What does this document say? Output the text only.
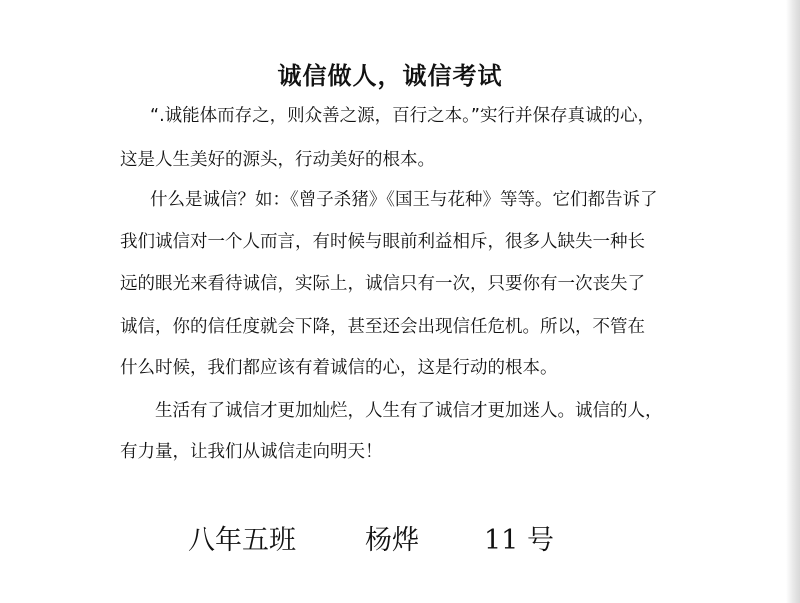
诚信做人，诚信考试

“.诚能体而存之，则众善之源，百行之本。”实行并保存真诚的心，

这是人生美好的源头，行动美好的根本。

什么是诚信？如：《曾子杀猪》《国王与花种》等等。它们都告诉了

我们诚信对一个人而言，有时候与眼前利益相斥，很多人缺失一种长

远的眼光来看待诚信，实际上，诚信只有一次，只要你有一次丧失了

诚信，你的信任度就会下降，甚至还会出现信任危机。所以，不管在

什么时候，我们都应该有着诚信的心，这是行动的根本。

生活有了诚信才更加灿烂，人生有了诚信才更加迷人。诚信的人，

有力量，让我们从诚信走向明天！

八年五班	杨烨 11 号
